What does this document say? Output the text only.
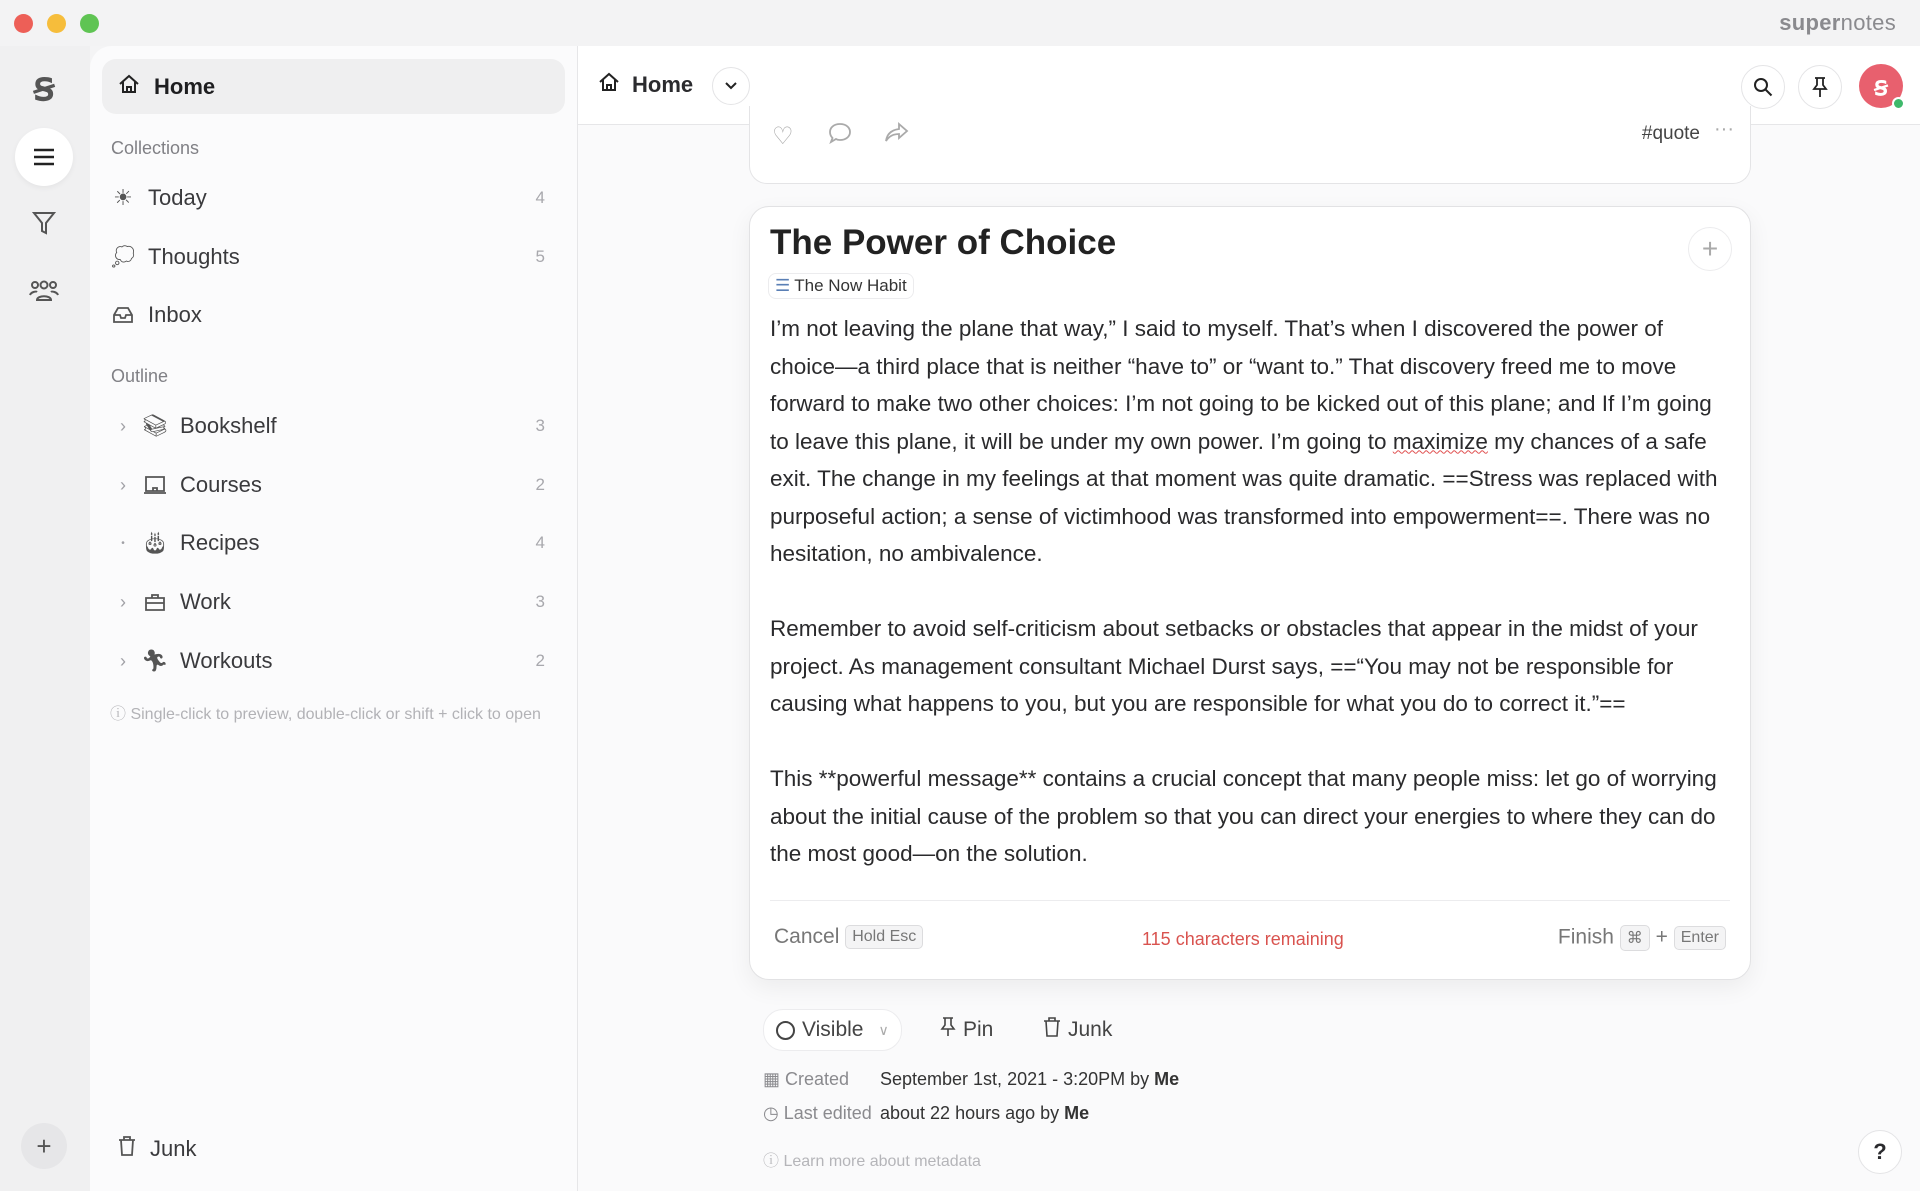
supernotes
ꞩ
+
Home
Collections
☀ Today	4
💭︎ Thoughts	5
Inbox
Outline
› 📚︎ Bookshelf	3
›	Courses	2
• 🎂︎ Recipes	4
›	Work	3
› 🏃︎ Workouts	2
ⓘ Single-click to preview, double-click or shift + click to open
Junk
Home	ꞩ
♡	#quote ···
The Power of Choice
☰ The Now Habit
+

I’m not leaving the plane that way,” I said to myself. That’s when I discovered the power of choice—a third place that is neither “have to” or “want to.” That discovery freed me to move forward to make two other choices: I’m not going to be kicked out of this plane; and If I’m going to leave this plane, it will be under my own power. I’m going to maximize my chances of a safe exit. The change in my feelings at that moment was quite dramatic. ==Stress was replaced with purposeful action; a sense of victimhood was transformed into empowerment==. There was no hesitation, no ambivalence.

Remember to avoid self-criticism about setbacks or obstacles that appear in the midst of your project. As management consultant Michael Durst says, ==“You may not be responsible for causing what happens to you, but you are responsible for what you do to correct it.”==

This **powerful message** contains a crucial concept that many people miss: let go of worrying about the initial cause of the problem so that you can direct your energies to where they can do the most good—on the solution.

Cancel Hold Esc	115 characters remaining	Finish ⌘ + Enter
Visible ∨	Pin	Junk
▦ Created September 1st, 2021 - 3:20PM by Me
◷ Last edited about 22 hours ago by Me
ⓘ Learn more about metadata	?
